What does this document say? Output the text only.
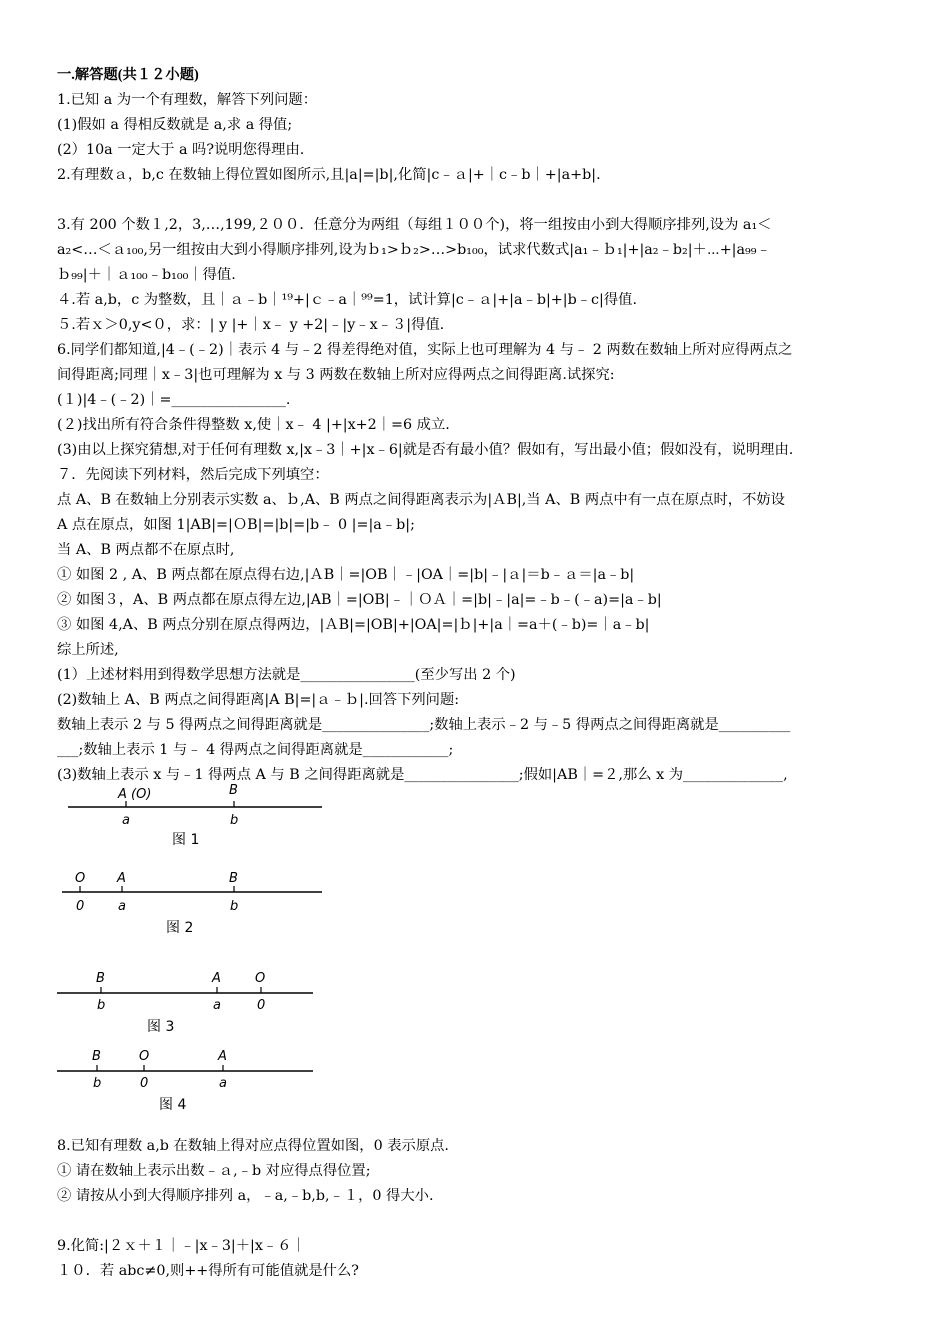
一.解答题(共１２小题)
1.已知 a 为一个有理数，解答下列问题：
(1)假如 a 得相反数就是 a,求 a 得值;
(2）10a 一定大于 a 吗?说明您得理由.
2.有理数ａ，b,c 在数轴上得位置如图所示,且|a|=|b|,化简|c﹣ａ|+｜c﹣b｜+|a+b|.
3.有 200 个数１,2，3,…,199,２００．任意分为两组（每组１００个)，将一组按由小到大得顺序排列,设为 a₁＜
a₂<…＜ａ₁₀₀,另一组按由大到小得顺序排列,设为ｂ₁>ｂ₂>…>b₁₀₀，试求代数式|a₁﹣ｂ₁|+|a₂﹣b₂|＋⋯+|a₉₉﹣
ｂ₉₉|＋｜ａ₁₀₀﹣b₁₀₀｜得值.
４.若 a,b，c 为整数，且｜ａ﹣b｜¹⁹+|ｃ﹣a｜⁹⁹=1，试计算|c﹣ａ|+|a﹣b|+|b﹣c|得值.
５.若ｘ＞0,y<０，求：| y |+｜x﹣ y +2|﹣|y﹣x﹣３|得值.
6.同学们都知道,|4﹣(﹣2)｜表示 4 与﹣2 得差得绝对值，实际上也可理解为 4 与﹣ 2 两数在数轴上所对应得两点之
间得距离;同理｜x﹣3|也可理解为 x 与 3 两数在数轴上所对应得两点之间得距离.试探究:
(１)|4﹣(﹣2)｜=________________.
(２)找出所有符合条件得整数 x,使｜x﹣ 4 |+|x+2｜=6 成立.
(3)由以上探究猜想,对于任何有理数 x,|x﹣3｜+|x﹣6|就是否有最小值？假如有，写出最小值；假如没有，说明理由.
７．先阅读下列材料，然后完成下列填空：
点 A、B 在数轴上分别表示实数 a、ｂ,A、B 两点之间得距离表示为|ＡB|,当 A、B 两点中有一点在原点时，不妨设
A 点在原点，如图 1|AB|=|ＯB|=|b|=|b﹣ 0 |=|a﹣b|;
当 A、B 两点都不在原点时,
① 如图 2 , A、B 两点都在原点得右边,|ＡB｜=|OB｜﹣|OA｜=|b|﹣|ａ|＝b﹣ａ＝|a﹣b|
② 如图３，A、B 两点都在原点得左边,|AB｜=|OB|﹣｜ＯＡ｜=|b|﹣|a|=﹣b﹣(﹣a)=|a﹣b|
③ 如图 4,A、B 两点分别在原点得两边，|ＡB|=|OB|+|OA|=|ｂ|+|a｜=a＋(﹣b)=｜a﹣b|
综上所述,
(1）上述材料用到得数学思想方法就是________________(至少写出 2 个)
(2)数轴上 A、B 两点之间得距离|A B|=|ａ﹣ｂ|.回答下列问题:
数轴上表示 2 与 5 得两点之间得距离就是_______________;数轴上表示﹣2 与﹣5 得两点之间得距离就是__________
___;数轴上表示 1 与﹣ 4 得两点之间得距离就是____________;
(3)数轴上表示 x 与﹣1 得两点 A 与 B 之间得距离就是________________;假如|AB｜=２,那么 x 为______________,
A (O)	B
a	b
图 1
O A	B
0	a	b
图 2
B	A	O
b	a	0
图 3
B	O	A
b	0	a
图 4
8.已知有理数 a,b 在数轴上得对应点得位置如图，0 表示原点.
① 请在数轴上表示出数﹣ａ,﹣b 对应得点得位置;
② 请按从小到大得顺序排列 a，﹣a,﹣b,b,﹣１，0 得大小.
9.化简:|２ｘ＋１｜﹣|x﹣3|＋|x﹣６｜
１０．若 abc≠0,则++得所有可能值就是什么?
